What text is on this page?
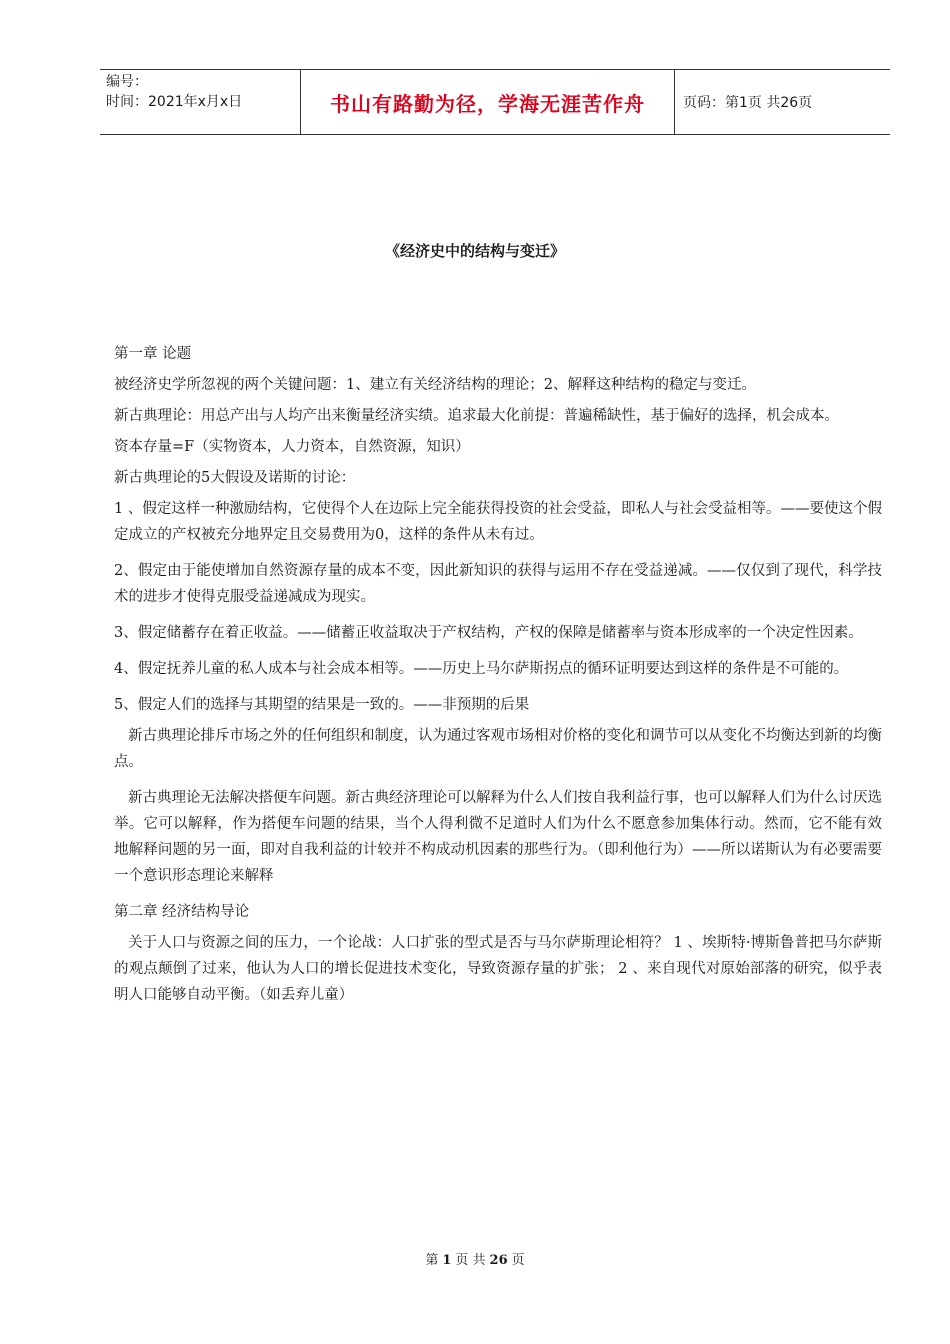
编号：
时间：2021年x月x日	书山有路勤为径，学海无涯苦作舟	页码：第1页 共26页
《经济史中的结构与变迁》

第一章 论题

被经济史学所忽视的两个关键问题：1、建立有关经济结构的理论；2、解释这种结构的稳定与变迁。

新古典理论：用总产出与人均产出来衡量经济实绩。追求最大化前提：普遍稀缺性，基于偏好的选择，机会成本。

资本存量=F（实物资本，人力资本，自然资源，知识）

新古典理论的5大假设及诺斯的讨论：

1 、假定这样一种激励结构，它使得个人在边际上完全能获得投资的社会受益，即私人与社会受益相等。——要使这个假定成立的产权被充分地界定且交易费用为0，这样的条件从未有过。

2、假定由于能使增加自然资源存量的成本不变，因此新知识的获得与运用不存在受益递减。——仅仅到了现代，科学技术的进步才使得克服受益递减成为现实。

3、假定储蓄存在着正收益。——储蓄正收益取决于产权结构，产权的保障是储蓄率与资本形成率的一个决定性因素。

4、假定抚养儿童的私人成本与社会成本相等。——历史上马尔萨斯拐点的循环证明要达到这样的条件是不可能的。

5、假定人们的选择与其期望的结果是一致的。——非预期的后果

新古典理论排斥市场之外的任何组织和制度，认为通过客观市场相对价格的变化和调节可以从变化不均衡达到新的均衡点。

新古典理论无法解决搭便车问题。新古典经济理论可以解释为什么人们按自我利益行事，也可以解释人们为什么讨厌选举。它可以解释，作为搭便车问题的结果，当个人得利微不足道时人们为什么不愿意参加集体行动。然而，它不能有效地解释问题的另一面，即对自我利益的计较并不构成动机因素的那些行为。（即利他行为）——所以诺斯认为有必要需要一个意识形态理论来解释

第二章 经济结构导论

关于人口与资源之间的压力，一个论战：人口扩张的型式是否与马尔萨斯理论相符？ 1 、埃斯特·博斯鲁普把马尔萨斯的观点颠倒了过来，他认为人口的增长促进技术变化，导致资源存量的扩张； 2 、来自现代对原始部落的研究，似乎表明人口能够自动平衡。（如丢弃儿童）

第 1 页 共 26 页
